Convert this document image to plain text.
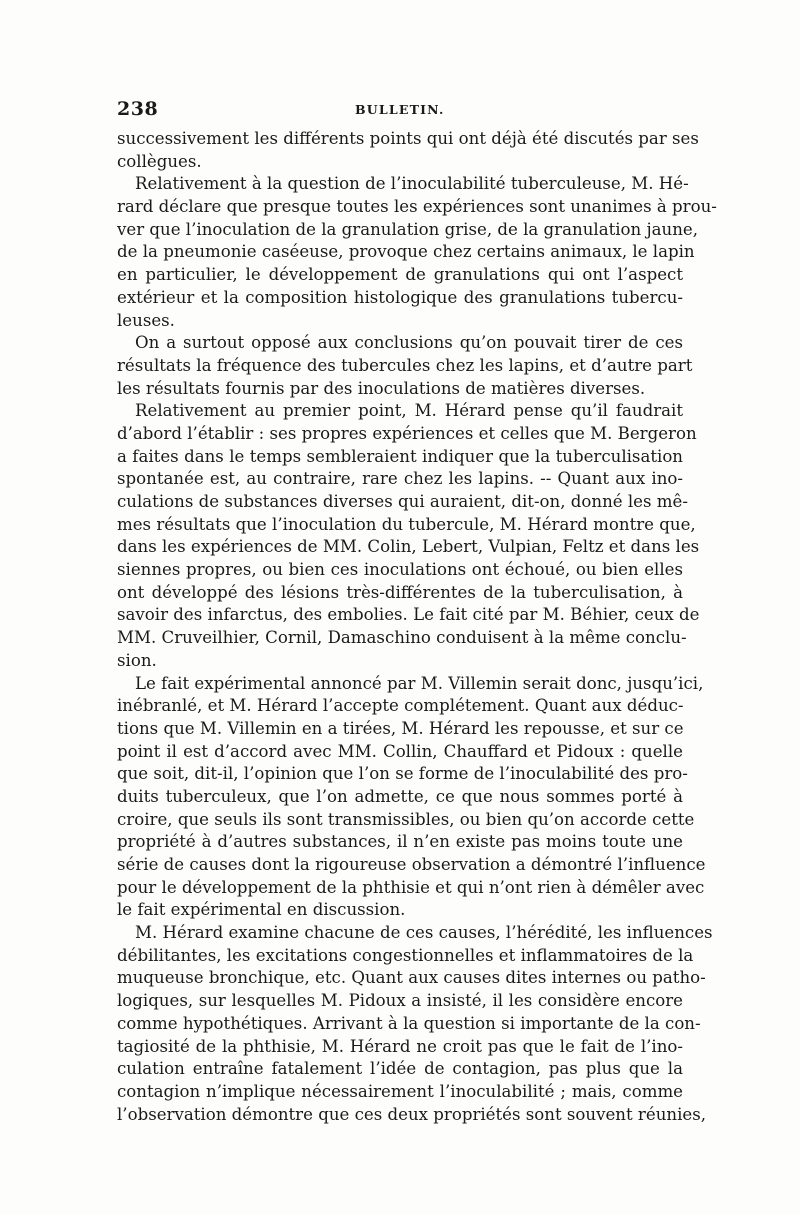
238	BULLETIN.
successivement les différents points qui ont déjà été discutés par ses
collègues.
Relativement à la question de l’inoculabilité tuberculeuse, M. Hé-
rard déclare que presque toutes les expériences sont unanimes à prou-
ver que l’inoculation de la granulation grise, de la granulation jaune,
de la pneumonie caséeuse, provoque chez certains animaux, le lapin
en particulier, le développement de granulations qui ont l’aspect
extérieur et la composition histologique des granulations tubercu-
leuses.
On a surtout opposé aux conclusions qu’on pouvait tirer de ces
résultats la fréquence des tubercules chez les lapins, et d’autre part
les résultats fournis par des inoculations de matières diverses.
Relativement au premier point, M. Hérard pense qu’il faudrait
d’abord l’établir : ses propres expériences et celles que M. Bergeron
a faites dans le temps sembleraient indiquer que la tuberculisation
spontanée est, au contraire, rare chez les lapins. -- Quant aux ino-
culations de substances diverses qui auraient, dit-on, donné les mê-
mes résultats que l’inoculation du tubercule, M. Hérard montre que,
dans les expériences de MM. Colin, Lebert, Vulpian, Feltz et dans les
siennes propres, ou bien ces inoculations ont échoué, ou bien elles
ont développé des lésions très-différentes de la tuberculisation, à
savoir des infarctus, des embolies. Le fait cité par M. Béhier, ceux de
MM. Cruveilhier, Cornil, Damaschino conduisent à la même conclu-
sion.
Le fait expérimental annoncé par M. Villemin serait donc, jusqu’ici,
inébranlé, et M. Hérard l’accepte complétement. Quant aux déduc-
tions que M. Villemin en a tirées, M. Hérard les repousse, et sur ce
point il est d’accord avec MM. Collin, Chauffard et Pidoux : quelle
que soit, dit-il, l’opinion que l’on se forme de l’inoculabilité des pro-
duits tuberculeux, que l’on admette, ce que nous sommes porté à
croire, que seuls ils sont transmissibles, ou bien qu’on accorde cette
propriété à d’autres substances, il n’en existe pas moins toute une
série de causes dont la rigoureuse observation a démontré l’influence
pour le développement de la phthisie et qui n’ont rien à démêler avec
le fait expérimental en discussion.
M. Hérard examine chacune de ces causes, l’hérédité, les influences
débilitantes, les excitations congestionnelles et inflammatoires de la
muqueuse bronchique, etc. Quant aux causes dites internes ou patho-
logiques, sur lesquelles M. Pidoux a insisté, il les considère encore
comme hypothétiques. Arrivant à la question si importante de la con-
tagiosité de la phthisie, M. Hérard ne croit pas que le fait de l’ino-
culation entraîne fatalement l’idée de contagion, pas plus que la
contagion n’implique nécessairement l’inoculabilité ; mais, comme
l’observation démontre que ces deux propriétés sont souvent réunies,
